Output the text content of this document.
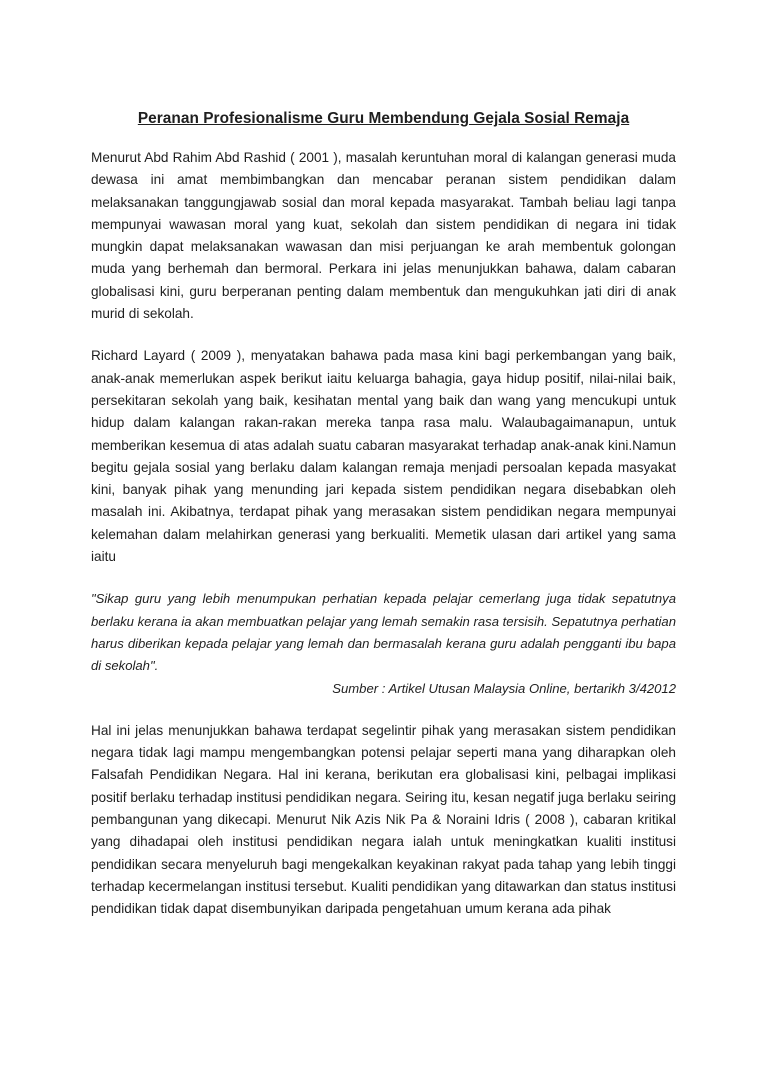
Peranan Profesionalisme Guru Membendung Gejala Sosial Remaja

Menurut Abd Rahim Abd Rashid ( 2001 ), masalah keruntuhan moral di kalangan generasi muda dewasa ini amat membimbangkan dan mencabar peranan sistem pendidikan dalam melaksanakan tanggungjawab sosial dan moral kepada masyarakat. Tambah beliau lagi tanpa mempunyai wawasan moral yang kuat, sekolah dan sistem pendidikan di negara ini tidak mungkin dapat melaksanakan wawasan dan misi perjuangan ke arah membentuk golongan muda yang berhemah dan bermoral. Perkara ini jelas menunjukkan bahawa, dalam cabaran globalisasi kini, guru berperanan penting dalam membentuk dan mengukuhkan jati diri di anak murid di sekolah.

Richard Layard ( 2009 ), menyatakan bahawa pada masa kini bagi perkembangan yang baik, anak-anak memerlukan aspek berikut iaitu keluarga bahagia, gaya hidup positif, nilai-nilai baik, persekitaran sekolah yang baik, kesihatan mental yang baik dan wang yang mencukupi untuk hidup dalam kalangan rakan-rakan mereka tanpa rasa malu. Walaubagaimanapun, untuk memberikan kesemua di atas adalah suatu cabaran masyarakat terhadap anak-anak kini.Namun begitu gejala sosial yang berlaku dalam kalangan remaja menjadi persoalan kepada masyakat kini, banyak pihak yang menunding jari kepada sistem pendidikan negara disebabkan oleh masalah ini. Akibatnya, terdapat pihak yang merasakan sistem pendidikan negara mempunyai kelemahan dalam melahirkan generasi yang berkualiti. Memetik ulasan dari artikel yang sama iaitu

"Sikap guru yang lebih menumpukan perhatian kepada pelajar cemerlang juga tidak sepatutnya berlaku kerana ia akan membuatkan pelajar yang lemah semakin rasa tersisih. Sepatutnya perhatian harus diberikan kepada pelajar yang lemah dan bermasalah kerana guru adalah pengganti ibu bapa di sekolah".

Sumber : Artikel Utusan Malaysia Online, bertarikh 3/42012

Hal ini jelas menunjukkan bahawa terdapat segelintir pihak yang merasakan sistem pendidikan negara tidak lagi mampu mengembangkan potensi pelajar seperti mana yang diharapkan oleh Falsafah Pendidikan Negara. Hal ini kerana, berikutan era globalisasi kini, pelbagai implikasi positif berlaku terhadap institusi pendidikan negara. Seiring itu, kesan negatif juga berlaku seiring pembangunan yang dikecapi. Menurut Nik Azis Nik Pa & Noraini Idris ( 2008 ), cabaran kritikal yang dihadapai oleh institusi pendidikan negara ialah untuk meningkatkan kualiti institusi pendidikan secara menyeluruh bagi mengekalkan keyakinan rakyat pada tahap yang lebih tinggi terhadap kecermelangan institusi tersebut. Kualiti pendidikan yang ditawarkan dan status institusi pendidikan tidak dapat disembunyikan daripada pengetahuan umum kerana ada pihak
